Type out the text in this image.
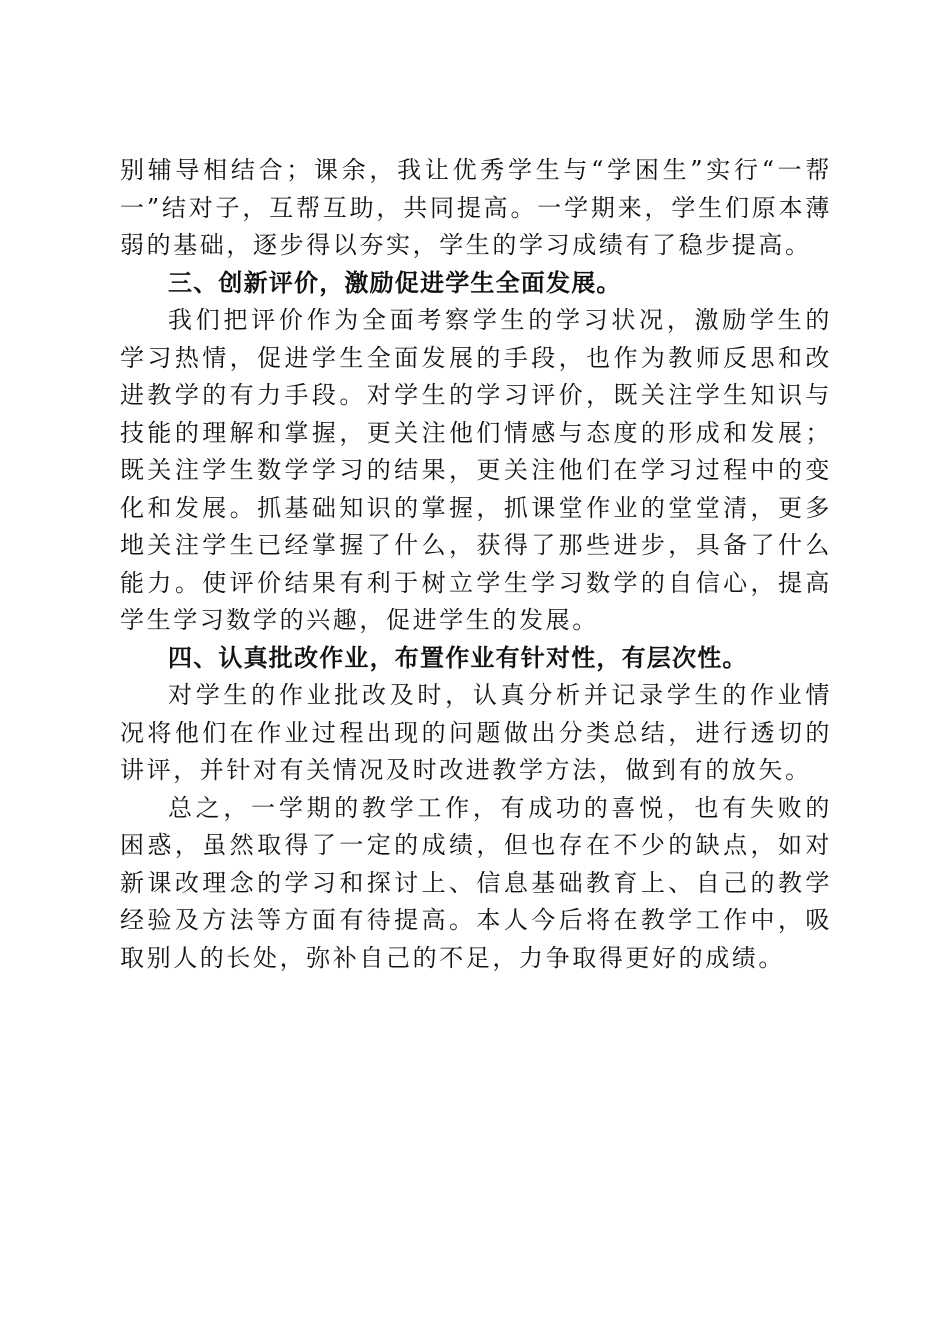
别辅导相结合；课余，我让优秀学生与“学困生”实行“一帮一”结对子，互帮互助，共同提高。一学期来，学生们原本薄弱的基础，逐步得以夯实，学生的学习成绩有了稳步提高。

三、创新评价，激励促进学生全面发展。

我们把评价作为全面考察学生的学习状况，激励学生的学习热情，促进学生全面发展的手段，也作为教师反思和改进教学的有力手段。对学生的学习评价，既关注学生知识与技能的理解和掌握，更关注他们情感与态度的形成和发展；既关注学生数学学习的结果，更关注他们在学习过程中的变化和发展。抓基础知识的掌握，抓课堂作业的堂堂清，更多地关注学生已经掌握了什么，获得了那些进步，具备了什么能力。使评价结果有利于树立学生学习数学的自信心，提高学生学习数学的兴趣，促进学生的发展。

四、认真批改作业，布置作业有针对性，有层次性。

对学生的作业批改及时，认真分析并记录学生的作业情况将他们在作业过程出现的问题做出分类总结，进行透切的讲评，并针对有关情况及时改进教学方法，做到有的放矢。

总之，一学期的教学工作，有成功的喜悦，也有失败的困惑，虽然取得了一定的成绩，但也存在不少的缺点，如对新课改理念的学习和探讨上、信息基础教育上、自己的教学经验及方法等方面有待提高。本人今后将在教学工作中，吸取别人的长处，弥补自己的不足，力争取得更好的成绩。
